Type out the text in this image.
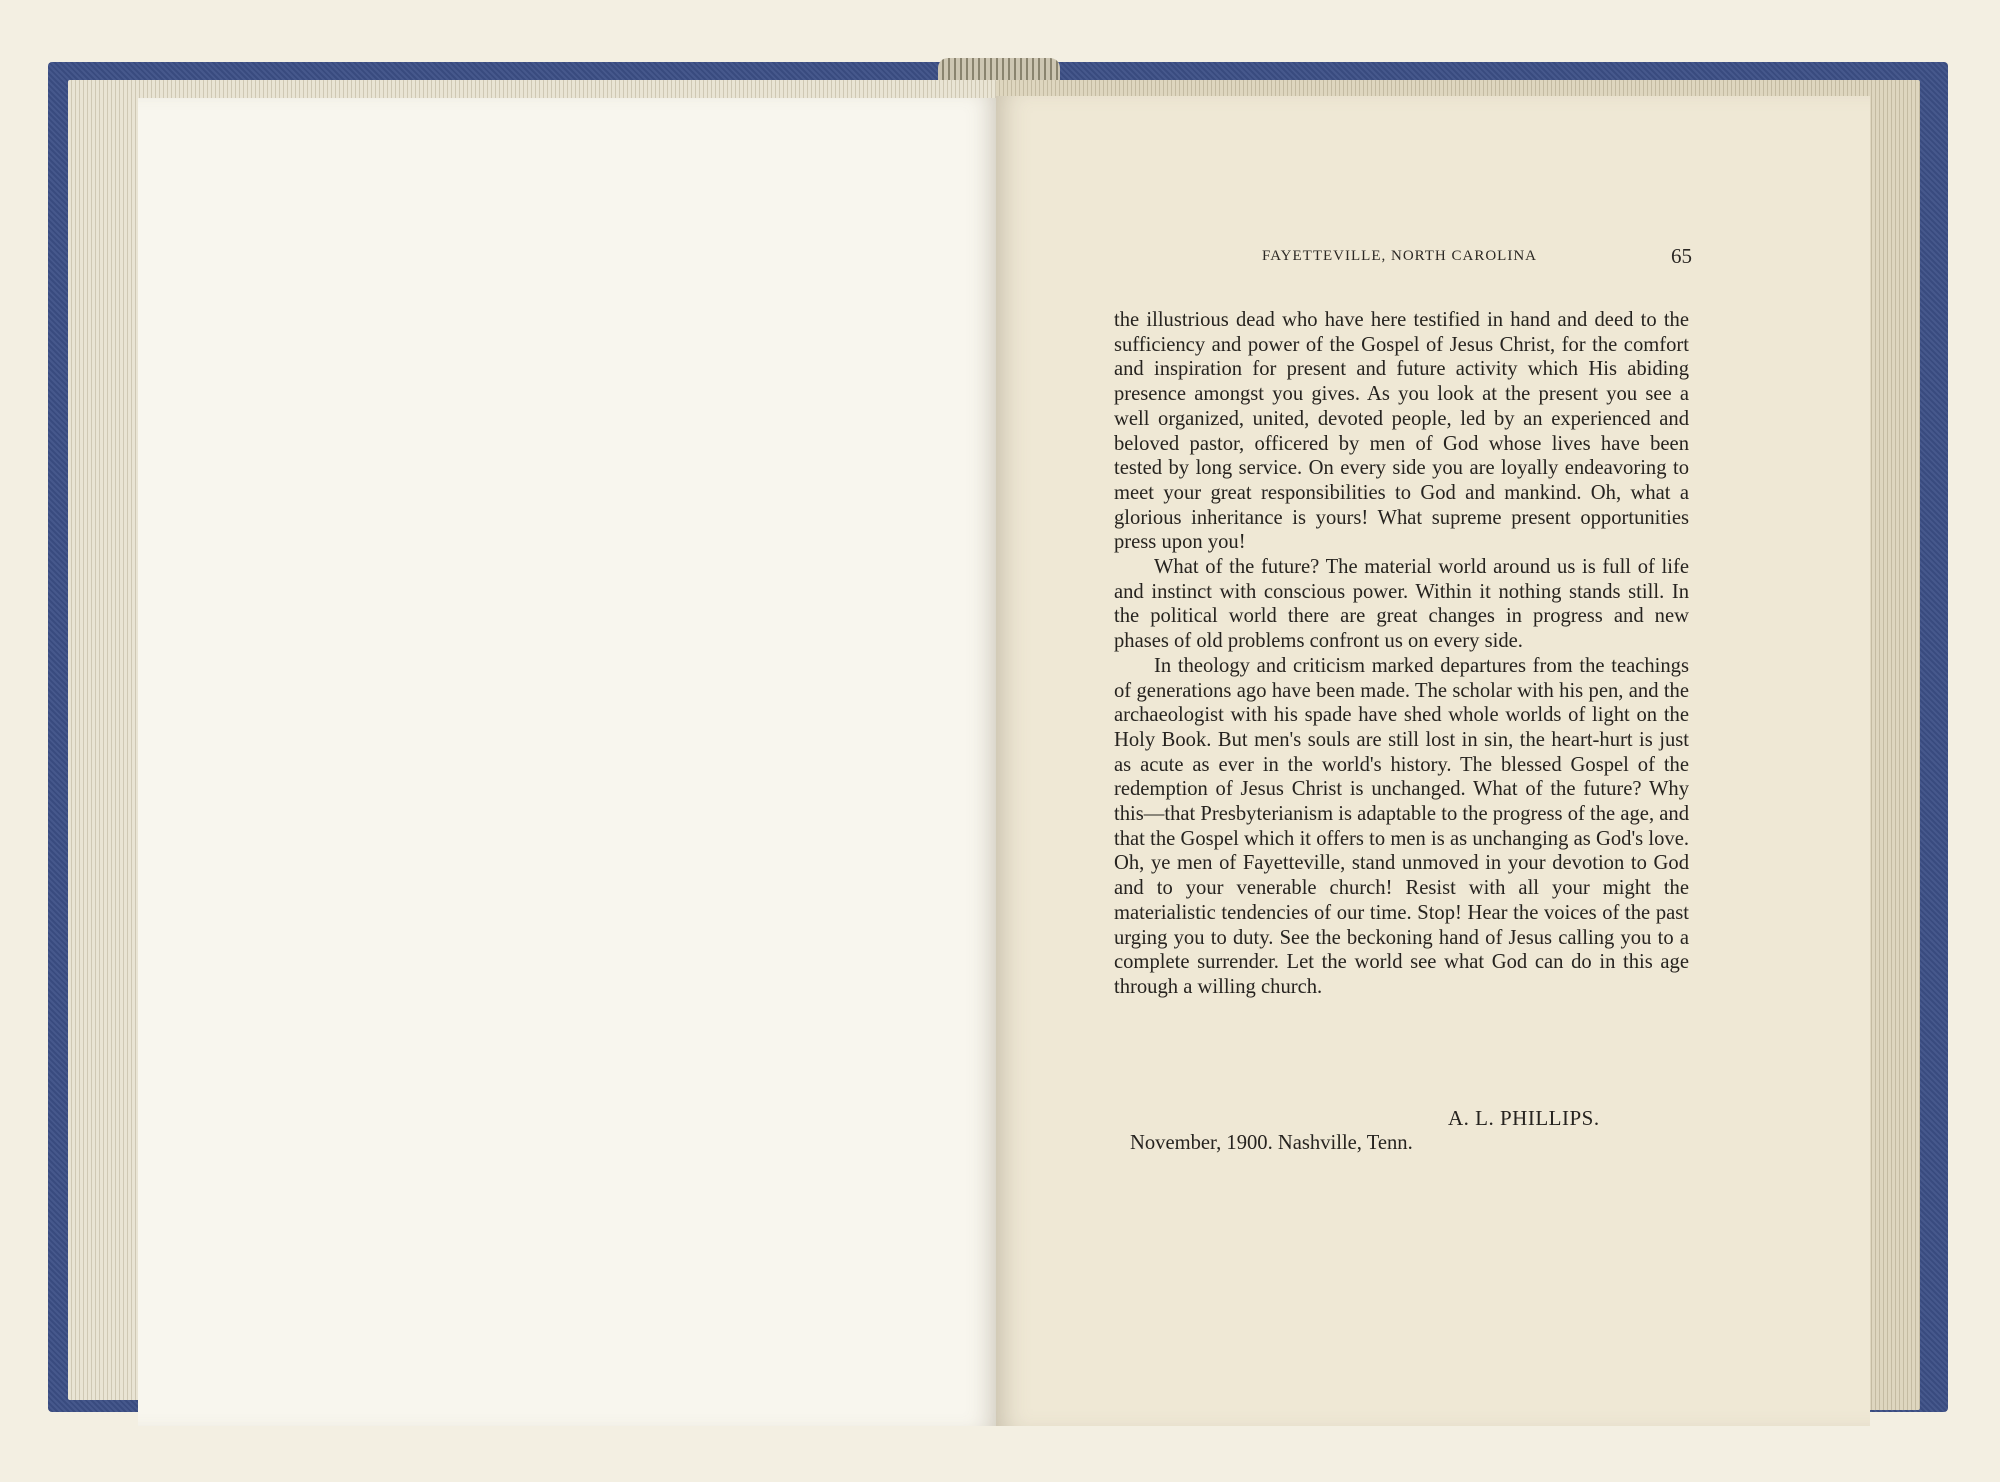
FAYETTEVILLE, NORTH CAROLINA	65

the illustrious dead who have here testified in hand and deed to the sufficiency and power of the Gospel of Jesus Christ, for the comfort and inspiration for present and future activity which His abiding presence amongst you gives. As you look at the present you see a well organized, united, devoted people, led by an experienced and beloved pastor, officered by men of God whose lives have been tested by long service. On every side you are loyally endeavoring to meet your great responsibilities to God and mankind. Oh, what a glorious inheritance is yours! What supreme present opportunities press upon you!

What of the future? The material world around us is full of life and instinct with conscious power. Within it nothing stands still. In the political world there are great changes in progress and new phases of old problems confront us on every side.

In theology and criticism marked departures from the teachings of generations ago have been made. The scholar with his pen, and the archaeologist with his spade have shed whole worlds of light on the Holy Book. But men's souls are still lost in sin, the heart-hurt is just as acute as ever in the world's history. The blessed Gospel of the redemption of Jesus Christ is unchanged. What of the future? Why this—that Presbyterianism is adaptable to the progress of the age, and that the Gospel which it offers to men is as unchanging as God's love. Oh, ye men of Fayetteville, stand unmoved in your devotion to God and to your venerable church! Resist with all your might the materialistic tendencies of our time. Stop! Hear the voices of the past urging you to duty. See the beckoning hand of Jesus calling you to a complete surrender. Let the world see what God can do in this age through a willing church.

A. L. PHILLIPS.
November, 1900. Nashville, Tenn.
